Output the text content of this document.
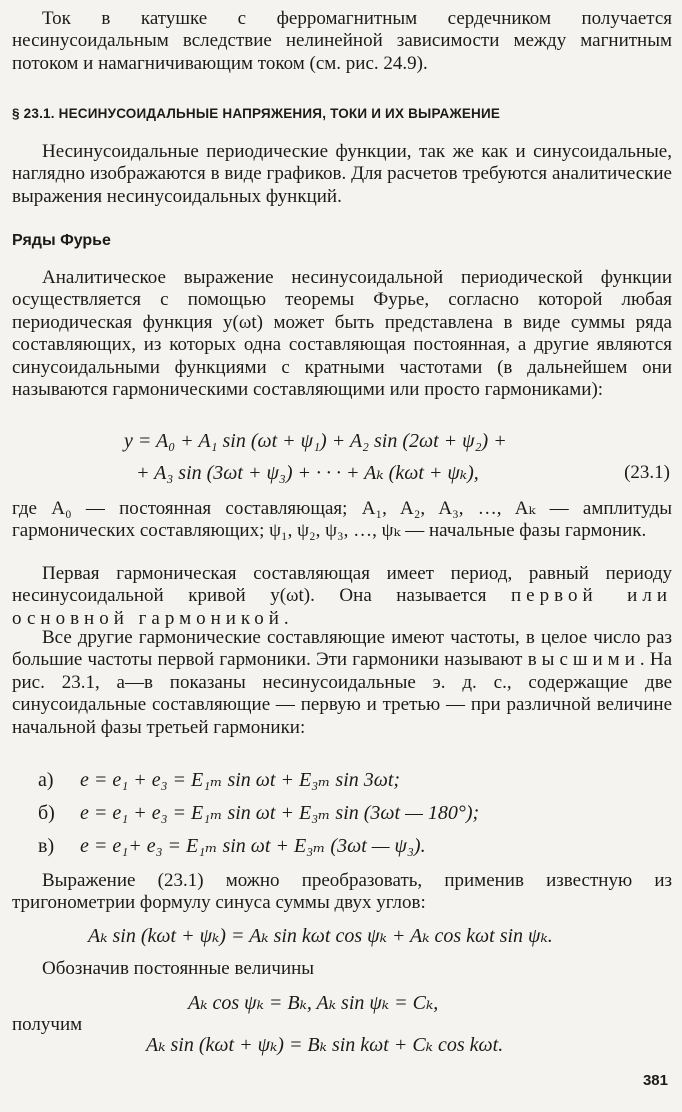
Ток в катушке с ферромагнитным сердечником получается несинусоидальным вследствие нелинейной зависимости между магнитным потоком и намагничивающим током (см. рис. 24.9).

§ 23.1. НЕСИНУСОИДАЛЬНЫЕ НАПРЯЖЕНИЯ, ТОКИ И ИХ ВЫРАЖЕНИЕ

Несинусоидальные периодические функции, так же как и синусоидальные, наглядно изображаются в виде графиков. Для расчетов требуются аналитические выражения несинусоидальных функций.

Ряды Фурье

Аналитическое выражение несинусоидальной периодической функции осуществляется с помощью теоремы Фурье, согласно которой любая периодическая функция y(ωt) может быть представлена в виде суммы ряда составляющих, из которых одна составляющая постоянная, а другие являются синусоидальными функциями с кратными частотами (в дальнейшем они называются гармоническими составляющими или просто гармониками):

y = A₀ + A₁ sin (ωt + ψ₁) + A₂ sin (2ωt + ψ₂) +
+ A₃ sin (3ωt + ψ₃) + · · · + Aₖ (kωt + ψₖ),	(23.1)

где A₀ — постоянная составляющая; A₁, A₂, A₃, …, Aₖ — амплитуды гармонических составляющих; ψ₁, ψ₂, ψ₃, …, ψₖ — начальные фазы гармоник.

Первая гармоническая составляющая имеет период, равный периоду несинусоидальной кривой y(ωt). Она называется первой или основной гармоникой.

Все другие гармонические составляющие имеют частоты, в целое число раз большие частоты первой гармоники. Эти гармоники называют высшими. На рис. 23.1, а—в показаны несинусоидальные э. д. с., содержащие две синусоидальные составляющие — первую и третью — при различной величине начальной фазы третьей гармоники:

а) e = e₁ + e₃ = E₁ₘ sin ωt + E₃ₘ sin 3ωt;
б) e = e₁ + e₃ = E₁ₘ sin ωt + E₃ₘ sin (3ωt — 180°);
в) e = e₁+ e₃ = E₁ₘ sin ωt + E₃ₘ (3ωt — ψ₃).

Выражение (23.1) можно преобразовать, применив известную из тригонометрии формулу синуса суммы двух углов:

Aₖ sin (kωt + ψₖ) = Aₖ sin kωt cos ψₖ + Aₖ cos kωt sin ψₖ.

Обозначив постоянные величины

Aₖ cos ψₖ = Bₖ, Aₖ sin ψₖ = Cₖ,

получим

Aₖ sin (kωt + ψₖ) = Bₖ sin kωt + Cₖ cos kωt.
381
